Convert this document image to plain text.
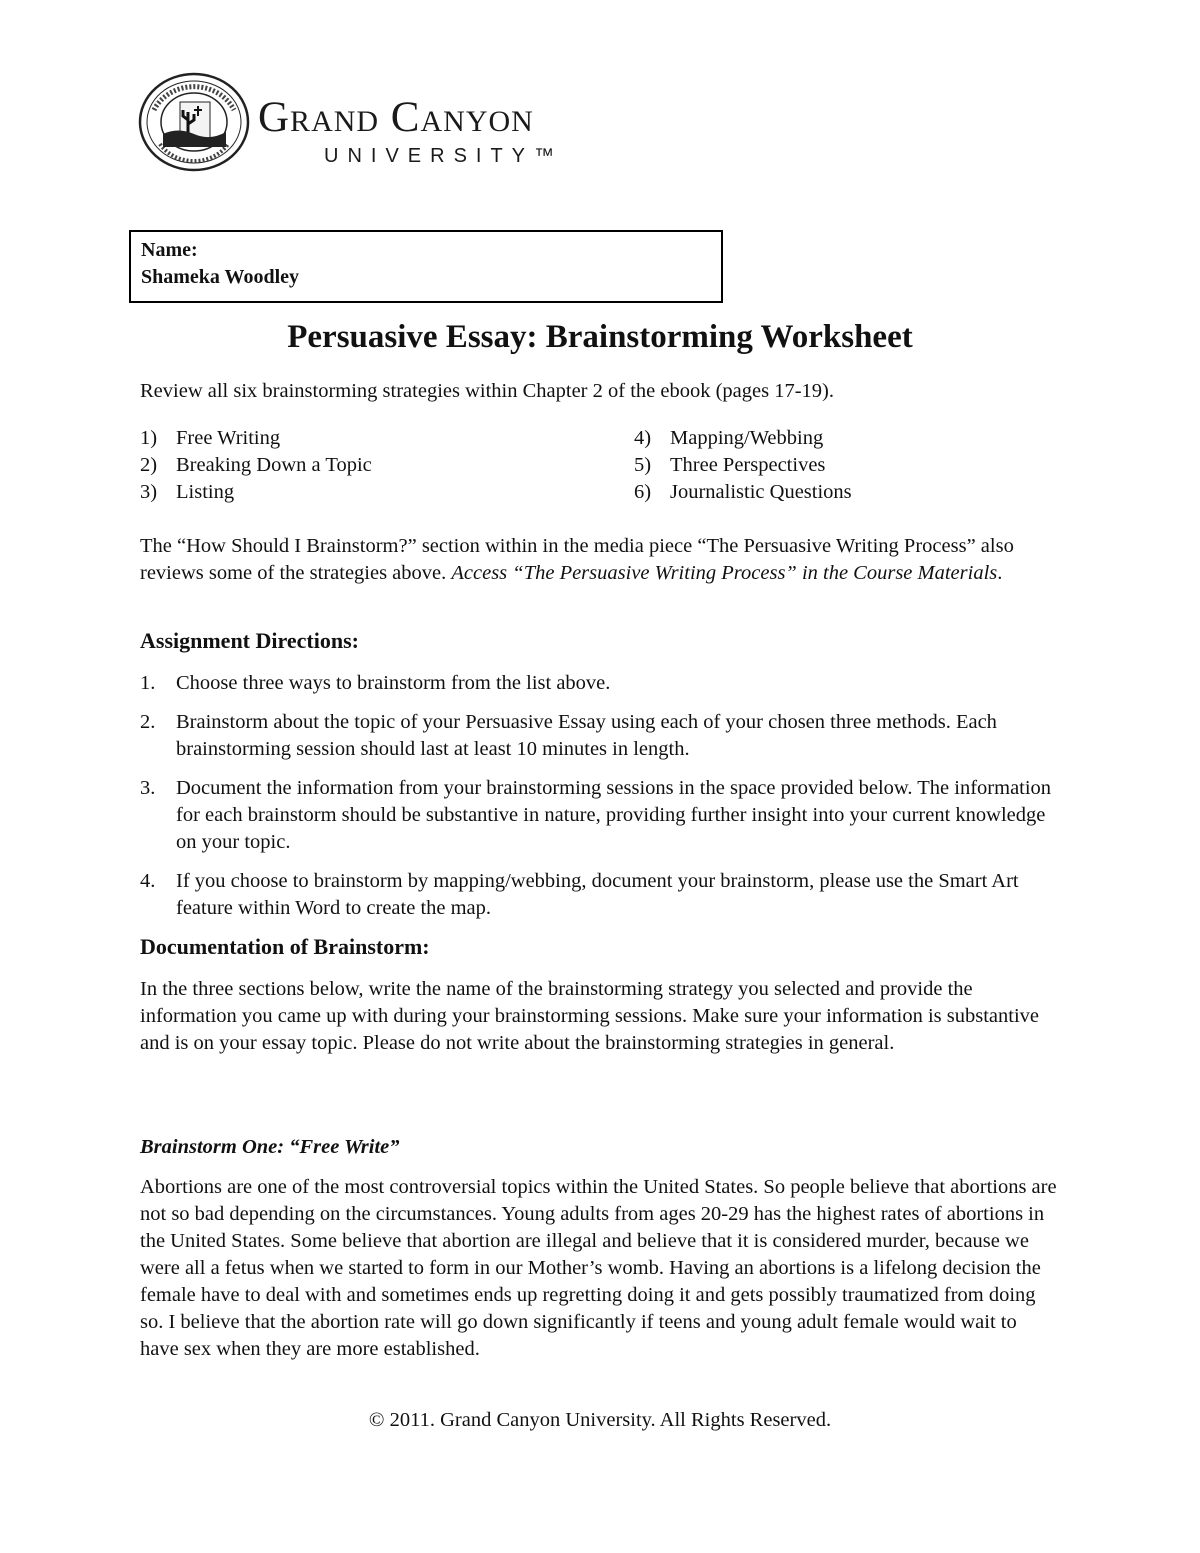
Grand Canyon
UNIVERSITY™
Name:
Shameka Woodley
Persuasive Essay: Brainstorming Worksheet
Review all six brainstorming strategies within Chapter 2 of the ebook (pages 17-19).
1) Free Writing
2) Breaking Down a Topic
3) Listing
4) Mapping/Webbing
5) Three Perspectives
6) Journalistic Questions
The “How Should I Brainstorm?” section within in the media piece “The Persuasive Writing Process” also reviews some of the strategies above. Access “The Persuasive Writing Process” in the Course Materials.
Assignment Directions:
1.	Choose three ways to brainstorm from the list above.
2.	Brainstorm about the topic of your Persuasive Essay using each of your chosen three methods. Each brainstorming session should last at least 10 minutes in length.
3.	Document the information from your brainstorming sessions in the space provided below. The information for each brainstorm should be substantive in nature, providing further insight into your current knowledge on your topic.
4.	If you choose to brainstorm by mapping/webbing, document your brainstorm, please use the Smart Art feature within Word to create the map.
Documentation of Brainstorm:
In the three sections below, write the name of the brainstorming strategy you selected and provide the information you came up with during your brainstorming sessions. Make sure your information is substantive and is on your essay topic. Please do not write about the brainstorming strategies in general.
Brainstorm One: “Free Write”
Abortions are one of the most controversial topics within the United States. So people believe that abortions are not so bad depending on the circumstances. Young adults from ages 20-29 has the highest rates of abortions in the United States. Some believe that abortion are illegal and believe that it is considered murder, because we were all a fetus when we started to form in our Mother’s womb. Having an abortions is a lifelong decision the female have to deal with and sometimes ends up regretting doing it and gets possibly traumatized from doing so. I believe that the abortion rate will go down significantly if teens and young adult female would wait to have sex when they are more established.
© 2011. Grand Canyon University. All Rights Reserved.
